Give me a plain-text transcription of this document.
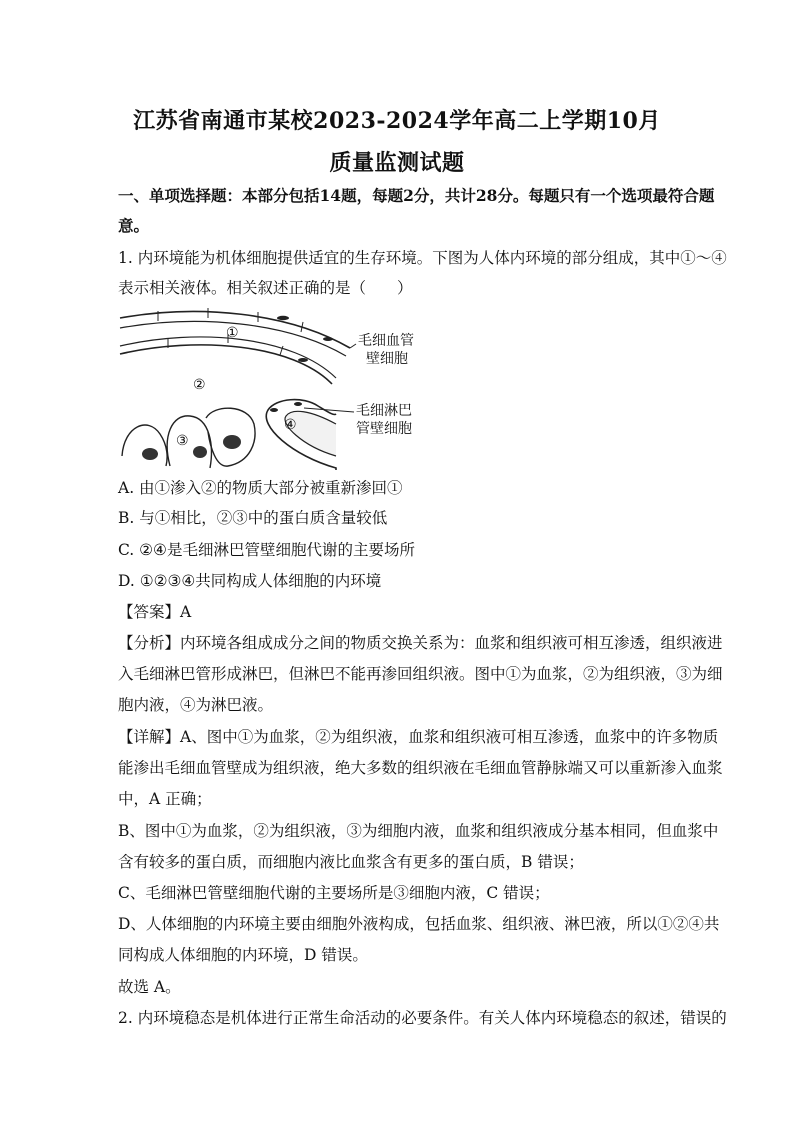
江苏省南通市某校2023-2024学年高二上学期10月
质量监测试题
一、单项选择题：本部分包括14题，每题2分，共计28分。每题只有一个选项最符合题
意。
1. 内环境能为机体细胞提供适宜的生存环境。下图为人体内环境的部分组成，其中①～④
表示相关液体。相关叙述正确的是（　　）
①
②
③
④
毛细血管
壁细胞
毛细淋巴
管壁细胞
A. 由①渗入②的物质大部分被重新渗回①
B. 与①相比，②③中的蛋白质含量较低
C. ②④是毛细淋巴管壁细胞代谢的主要场所
D. ①②③④共同构成人体细胞的内环境
【答案】A
【分析】内环境各组成成分之间的物质交换关系为：血浆和组织液可相互渗透，组织液进
入毛细淋巴管形成淋巴，但淋巴不能再渗回组织液。图中①为血浆，②为组织液，③为细
胞内液，④为淋巴液。
【详解】A、图中①为血浆，②为组织液，血浆和组织液可相互渗透，血浆中的许多物质
能渗出毛细血管壁成为组织液，绝大多数的组织液在毛细血管静脉端又可以重新渗入血浆
中，A 正确；
B、图中①为血浆，②为组织液，③为细胞内液，血浆和组织液成分基本相同，但血浆中
含有较多的蛋白质，而细胞内液比血浆含有更多的蛋白质，B 错误；
C、毛细淋巴管壁细胞代谢的主要场所是③细胞内液，C 错误；
D、人体细胞的内环境主要由细胞外液构成，包括血浆、组织液、淋巴液，所以①②④共
同构成人体细胞的内环境，D 错误。
故选 A。
2. 内环境稳态是机体进行正常生命活动的必要条件。有关人体内环境稳态的叙述，错误的
